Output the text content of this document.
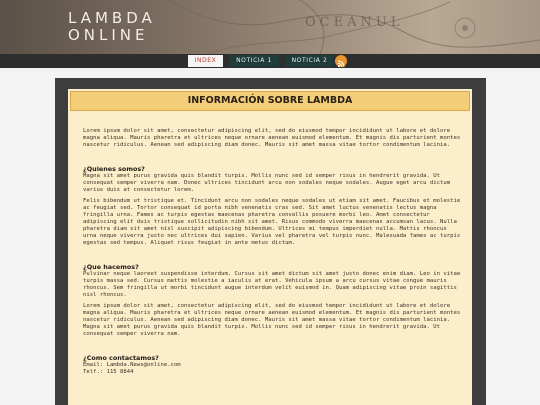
OCEANUL
LAMBDA
ONLINE
INDEX	NOTICIA 1	NOTICIA 2
INFORMACIÓN SOBRE LAMBDA

Lorem ipsum dolor sit amet, consectetur adipiscing elit, sed do eiusmod tempor incididunt ut labore et dolore magna aliqua. Mauris pharetra et ultrices neque ornare aenean euismod elementum. Et magnis dis parturient montes nascetur ridiculus. Aenean sed adipiscing diam donec. Mauris sit amet massa vitae tortor condimentum lacinia.

¿Quienes somos?

Magna sit amet purus gravida quis blandit turpis. Mollis nunc sed id semper risus in hendrerit gravida. Ut consequat semper viverra nam. Donec ultrices tincidunt arcu non sodales neque sodales. Augue eget arcu dictum varius duis at consectetur lorem.

Felis bibendum ut tristique et. Tincidunt arcu non sodales neque sodales ut etiam sit amet. Faucibus et molestie ac feugiat sed. Tortor consequat id porta nibh venenatis cras sed. Sit amet luctus venenatis lectus magna fringilla urna. Fames ac turpis egestas maecenas pharetra convallis posuere morbi leo. Amet consectetur adipiscing elit duis tristique sollicitudin nibh sit amet. Risus commodo viverra maecenas accumsan lacus. Nulla pharetra diam sit amet nisl suscipit adipiscing bibendum. Ultrices mi tempus imperdiet nulla. Mattis rhoncus urna neque viverra justo nec ultrices dui sapien. Varius vel pharetra vel turpis nunc. Malesuada fames ac turpis egestas sed tempus. Aliquet risus feugiat in ante metus dictum.

¿Que hacemos?

Pulvinar neque laoreet suspendisse interdum. Cursus sit amet dictum sit amet justo donec enim diam. Leo in vitae turpis massa sed. Cursus mattis molestie a iaculis at erat. Vehicula ipsum a arcu cursus vitae congue mauris rhoncus. Sem fringilla ut morbi tincidunt augue interdum velit euismod in. Quam adipiscing vitae proin sagittis nisl rhoncus.

Lorem ipsum dolor sit amet, consectetur adipiscing elit, sed do eiusmod tempor incididunt ut labore et dolore magna aliqua. Mauris pharetra et ultrices neque ornare aenean euismod elementum. Et magnis dis parturient montes nascetur ridiculus. Aenean sed adipiscing diam donec. Mauris sit amet massa vitae tortor condimentum lacinia. Magna sit amet purus gravida quis blandit turpis. Mollis nunc sed id semper risus in hendrerit gravida. Ut consequat semper viverra nam.

¿Como contactamos?

Email: Lambda.News@online.com

Telf.: 115 8844
